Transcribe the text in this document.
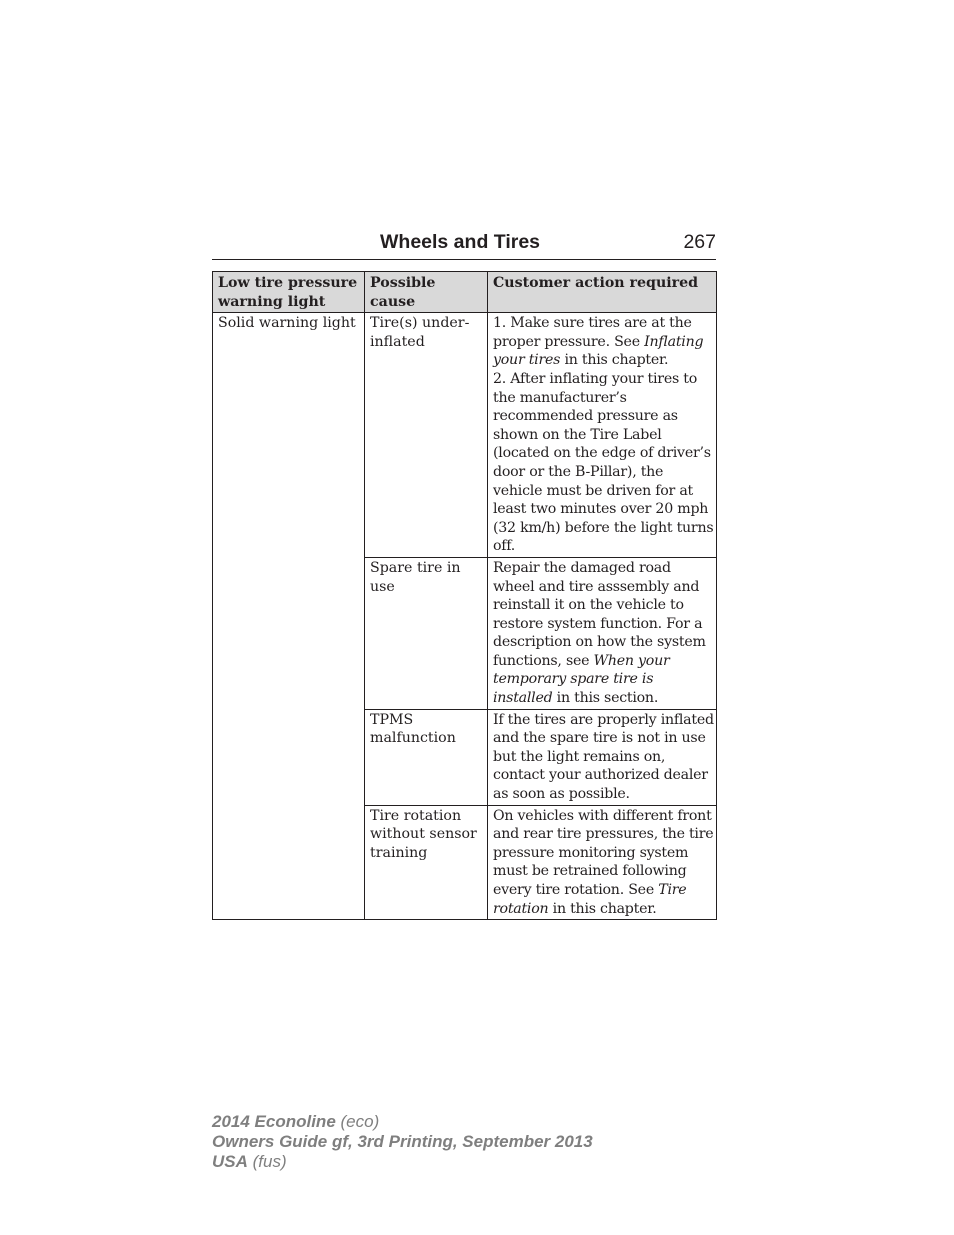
Wheels and Tires	267
Low tire pressure warning light	Possible cause	Customer action required
Solid warning light	Tire(s) under-inflated	1. Make sure tires are at the proper pressure. See Inflating your tires in this chapter.
2. After inflating your tires to the manufacturer’s recommended pressure as shown on the Tire Label (located on the edge of driver’s door or the B-Pillar), the vehicle must be driven for at least two minutes over 20 mph (32 km/h) before the light turns off.
	Spare tire in use	Repair the damaged road wheel and tire asssembly and reinstall it on the vehicle to restore system function. For a description on how the system functions, see When your temporary spare tire is installed in this section.
	TPMS malfunction	If the tires are properly inflated and the spare tire is not in use but the light remains on, contact your authorized dealer as soon as possible.
	Tire rotation without sensor training	On vehicles with different front and rear tire pressures, the tire pressure monitoring system must be retrained following every tire rotation. See Tire rotation in this chapter.
2014 Econoline (eco)
Owners Guide gf, 3rd Printing, September 2013
USA (fus)
